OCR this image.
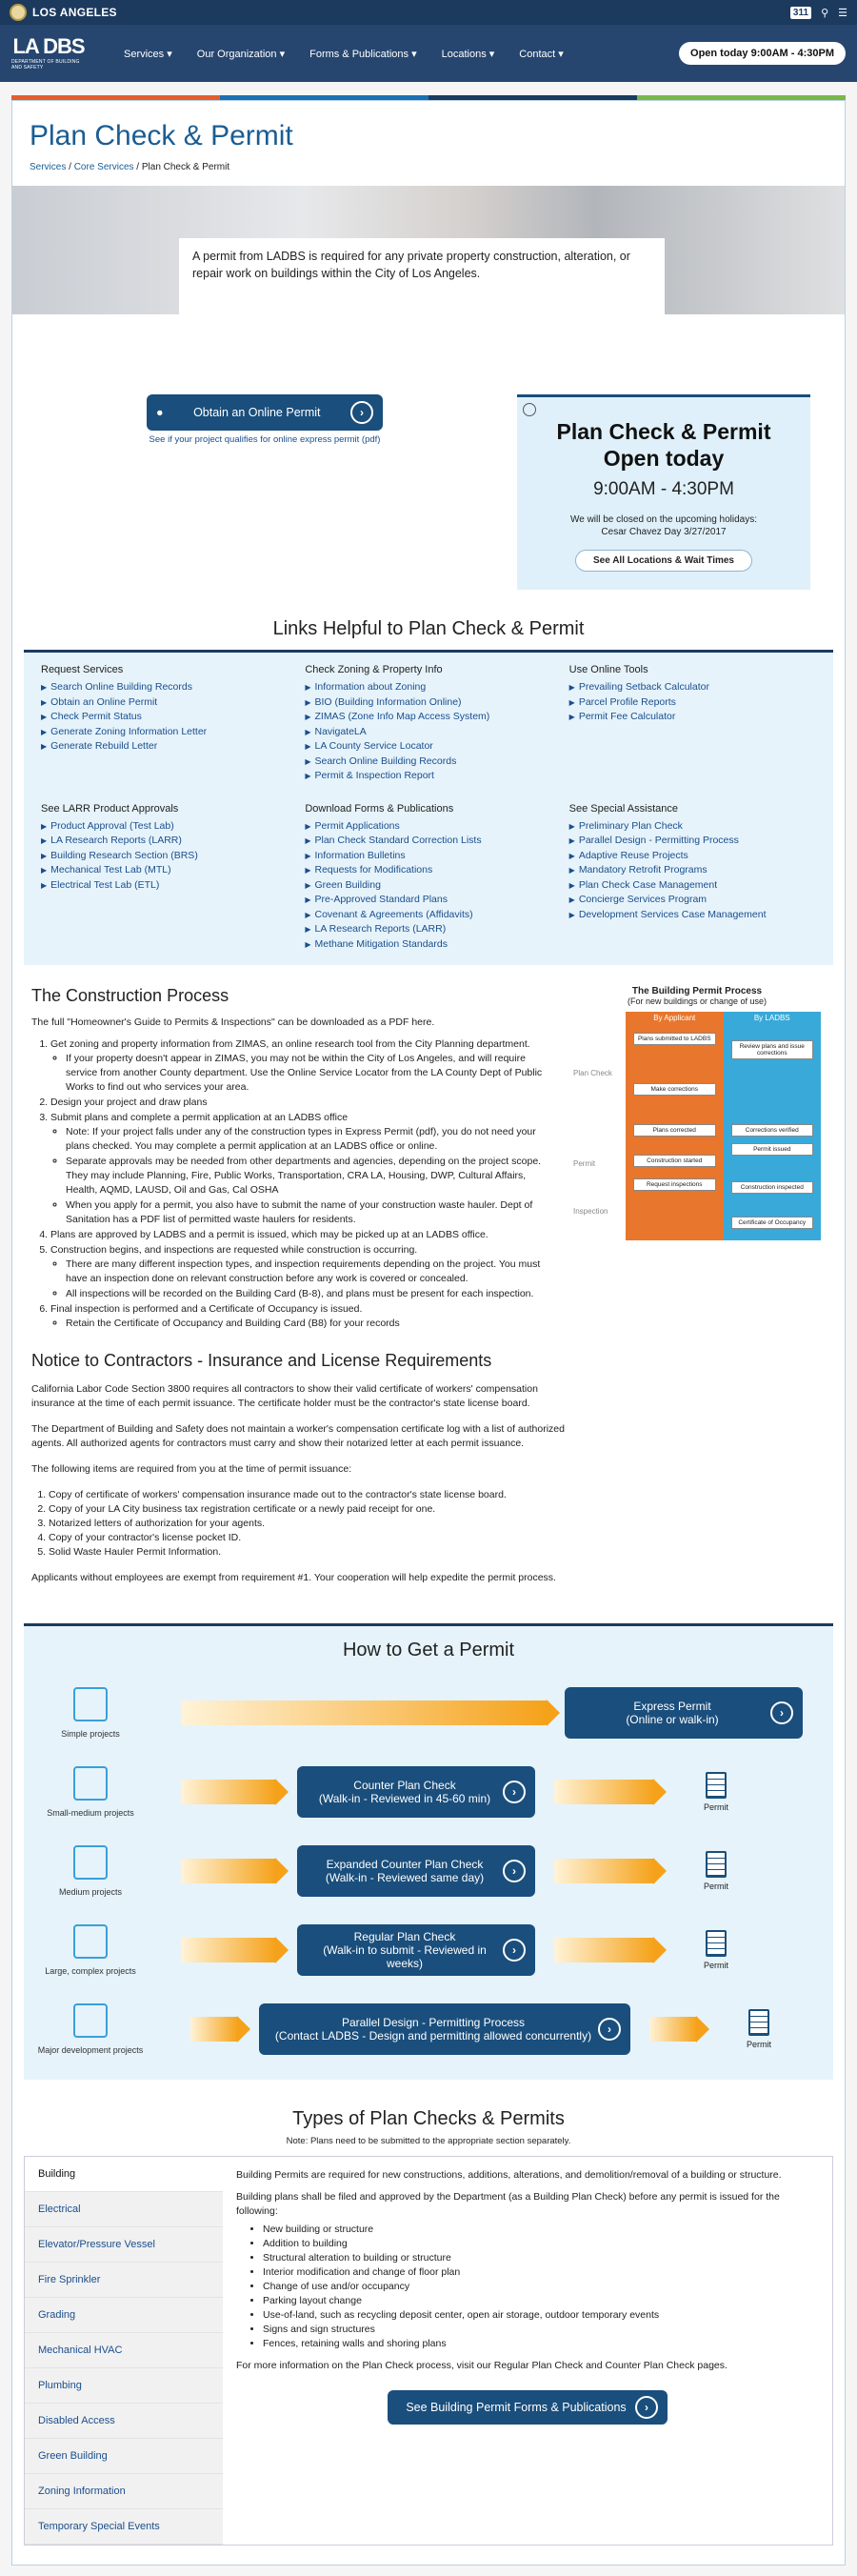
LOS ANGELES	311 ⚲ ☰
LA DBS
DEPARTMENT OF BUILDING AND SAFETY
Services ▾ Our Organization ▾ Forms & Publications ▾ Locations ▾ Contact ▾	Open today 9:00AM - 4:30PM
Plan Check & Permit
Services / Core Services / Plan Check & Permit
A permit from LADBS is required for any private property construction, alteration, or repair work on buildings within the City of Los Angeles.
●	Obtain an Online Permit	›
See if your project qualifies for online express permit (pdf)	Plan Check & Permit Open today
9:00AM - 4:30PM
We will be closed on the upcoming holidays:
Cesar Chavez Day 3/27/2017
See All Locations & Wait Times
Links Helpful to Plan Check & Permit
Request Services
▶ Search Online Building Records
▶ Obtain an Online Permit
▶ Check Permit Status
▶ Generate Zoning Information Letter
▶ Generate Rebuild Letter
Check Zoning & Property Info
▶ Information about Zoning
▶ BIO (Building Information Online)
▶ ZIMAS (Zone Info Map Access System)
▶ NavigateLA
▶ LA County Service Locator
▶ Search Online Building Records
▶ Permit & Inspection Report
Use Online Tools
▶ Prevailing Setback Calculator
▶ Parcel Profile Reports
▶ Permit Fee Calculator
See LARR Product Approvals
▶ Product Approval (Test Lab)
▶ LA Research Reports (LARR)
▶ Building Research Section (BRS)
▶ Mechanical Test Lab (MTL)
▶ Electrical Test Lab (ETL)
Download Forms & Publications
▶ Permit Applications
▶ Plan Check Standard Correction Lists
▶ Information Bulletins
▶ Requests for Modifications
▶ Green Building
▶ Pre-Approved Standard Plans
▶ Covenant & Agreements (Affidavits)
▶ LA Research Reports (LARR)
▶ Methane Mitigation Standards
See Special Assistance
▶ Preliminary Plan Check
▶ Parallel Design - Permitting Process
▶ Adaptive Reuse Projects
▶ Mandatory Retrofit Programs
▶ Plan Check Case Management
▶ Concierge Services Program
▶ Development Services Case Management
The Construction Process

The full "Homeowner's Guide to Permits & Inspections" can be downloaded as a PDF here.

1. Get zoning and property information from ZIMAS, an online research tool from the City Planning department.
◦ If your property doesn't appear in ZIMAS, you may not be within the City of Los Angeles, and will require service from another County department. Use the Online Service Locator from the LA County Dept of Public Works to find out who services your area.
2. Design your project and draw plans
3. Submit plans and complete a permit application at an LADBS office
◦ Note: If your project falls under any of the construction types in Express Permit (pdf), you do not need your plans checked. You may complete a permit application at an LADBS office or online.
◦ Separate approvals may be needed from other departments and agencies, depending on the project scope. They may include Planning, Fire, Public Works, Transportation, CRA LA, Housing, DWP, Cultural Affairs, Health, AQMD, LAUSD, Oil and Gas, Cal OSHA
◦ When you apply for a permit, you also have to submit the name of your construction waste hauler. Dept of Sanitation has a PDF list of permitted waste haulers for residents.
4. Plans are approved by LADBS and a permit is issued, which may be picked up at an LADBS office.
5. Construction begins, and inspections are requested while construction is occurring.
◦ There are many different inspection types, and inspection requirements depending on the project. You must have an inspection done on relevant construction before any work is covered or concealed.
◦ All inspections will be recorded on the Building Card (B-8), and plans must be present for each inspection.
6. Final inspection is performed and a Certificate of Occupancy is issued.
◦ Retain the Certificate of Occupancy and Building Card (B8) for your records
The Building Permit Process
(For new buildings or change of use)
Plan Check
Permit
Inspection
By Applicant
Plans submitted to LADBS
Make corrections
Plans corrected
Construction started
Request inspections
By LADBS
Review plans and issue corrections
Corrections verified
Permit issued
Construction inspected
Certificate of Occupancy
Notice to Contractors - Insurance and License Requirements

California Labor Code Section 3800 requires all contractors to show their valid certificate of workers' compensation insurance at the time of each permit issuance. The certificate holder must be the contractor's state license board.

The Department of Building and Safety does not maintain a worker's compensation certificate log with a list of authorized agents. All authorized agents for contractors must carry and show their notarized letter at each permit issuance.

The following items are required from you at the time of permit issuance:

1. Copy of certificate of workers' compensation insurance made out to the contractor's state license board.
2. Copy of your LA City business tax registration certificate or a newly paid receipt for one.
3. Notarized letters of authorization for your agents.
4. Copy of your contractor's license pocket ID.
5. Solid Waste Hauler Permit Information.

Applicants without employees are exempt from requirement #1. Your cooperation will help expedite the permit process.

How to Get a Permit
Simple projects
Express Permit
(Online or walk-in)	›
Small-medium projects
Counter Plan Check
(Walk-in - Reviewed in 45-60 min)	›
Permit
Medium projects
Expanded Counter Plan Check
(Walk-in - Reviewed same day)	›
Permit
Large, complex projects
Regular Plan Check
(Walk-in to submit - Reviewed in weeks)
›
Permit
Major development projects
Parallel Design - Permitting Process
(Contact LADBS - Design and permitting allowed concurrently)	›
Permit
Types of Plan Checks & Permits
Note: Plans need to be submitted to the appropriate section separately.
Building
Electrical
Elevator/Pressure Vessel
Fire Sprinkler
Grading
Mechanical HVAC
Plumbing
Disabled Access
Green Building
Zoning Information
Temporary Special Events

Building Permits are required for new constructions, additions, alterations, and demolition/removal of a building or structure.

Building plans shall be filed and approved by the Department (as a Building Plan Check) before any permit is issued for the following:

• New building or structure
• Addition to building
• Structural alteration to building or structure
• Interior modification and change of floor plan
• Change of use and/or occupancy
• Parking layout change
• Use-of-land, such as recycling deposit center, open air storage, outdoor temporary events
• Signs and sign structures
• Fences, retaining walls and shoring plans

For more information on the Plan Check process, visit our Regular Plan Check and Counter Plan Check pages.

See Building Permit Forms & Publications	›
